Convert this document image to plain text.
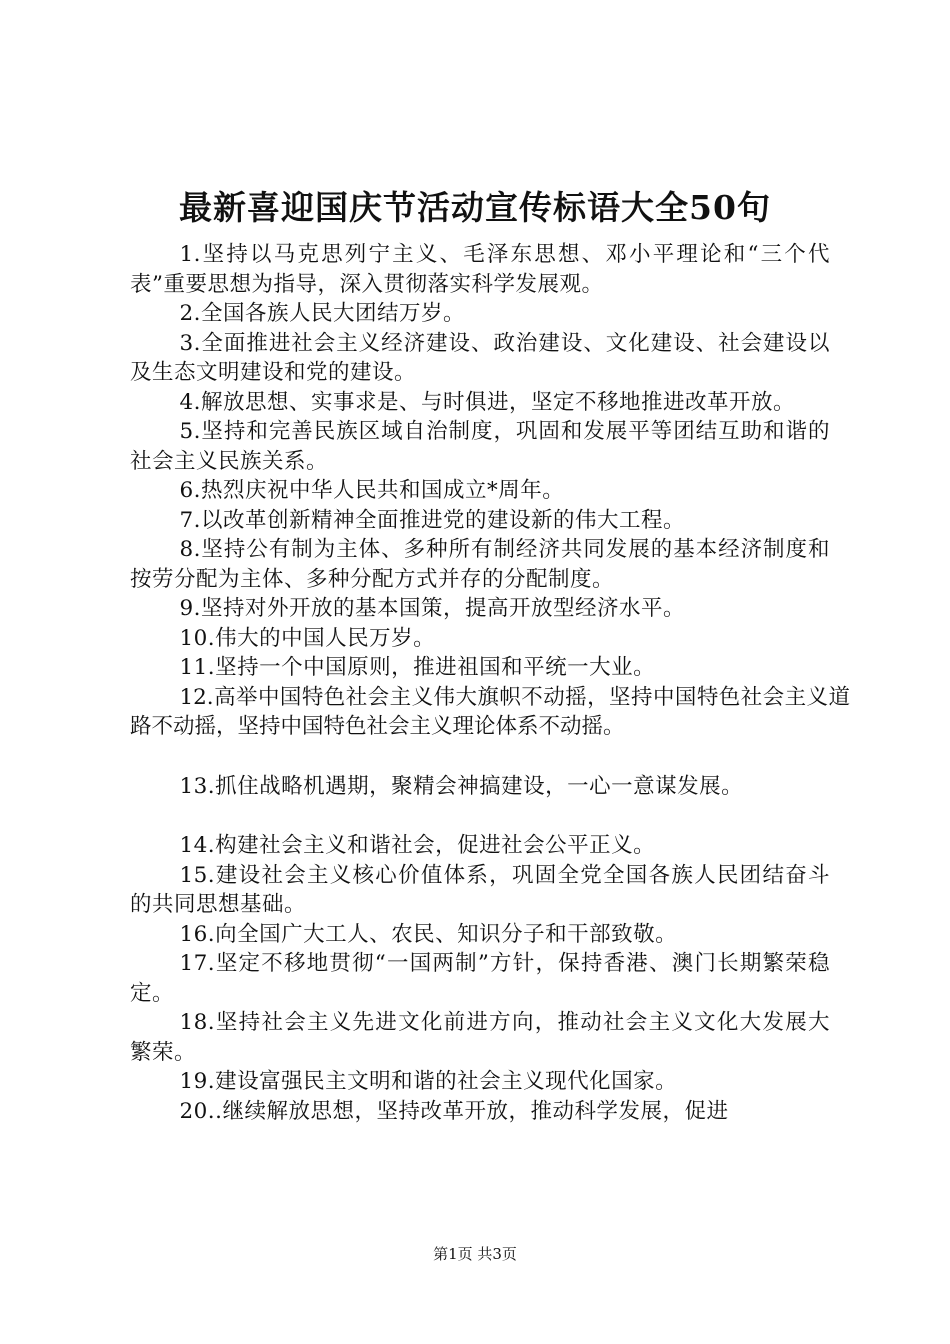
最新喜迎国庆节活动宣传标语大全50句

1.坚持以马克思列宁主义、毛泽东思想、邓小平理论和“三个代表”重要思想为指导，深入贯彻落实科学发展观。

2.全国各族人民大团结万岁。

3.全面推进社会主义经济建设、政治建设、文化建设、社会建设以及生态文明建设和党的建设。

4.解放思想、实事求是、与时俱进，坚定不移地推进改革开放。

5.坚持和完善民族区域自治制度，巩固和发展平等团结互助和谐的社会主义民族关系。

6.热烈庆祝中华人民共和国成立*周年。

7.以改革创新精神全面推进党的建设新的伟大工程。

8.坚持公有制为主体、多种所有制经济共同发展的基本经济制度和按劳分配为主体、多种分配方式并存的分配制度。

9.坚持对外开放的基本国策，提高开放型经济水平。

10.伟大的中国人民万岁。

11.坚持一个中国原则，推进祖国和平统一大业。

12.高举中国特色社会主义伟大旗帜不动摇，坚持中国特色社会主义道路不动摇，坚持中国特色社会主义理论体系不动摇。

13.抓住战略机遇期，聚精会神搞建设，一心一意谋发展。

14.构建社会主义和谐社会，促进社会公平正义。

15.建设社会主义核心价值体系，巩固全党全国各族人民团结奋斗的共同思想基础。

16.向全国广大工人、农民、知识分子和干部致敬。

17.坚定不移地贯彻“一国两制”方针，保持香港、澳门长期繁荣稳定。

18.坚持社会主义先进文化前进方向，推动社会主义文化大发展大繁荣。

19.建设富强民主文明和谐的社会主义现代化国家。

20..继续解放思想，坚持改革开放，推动科学发展，促进

第1页 共3页
